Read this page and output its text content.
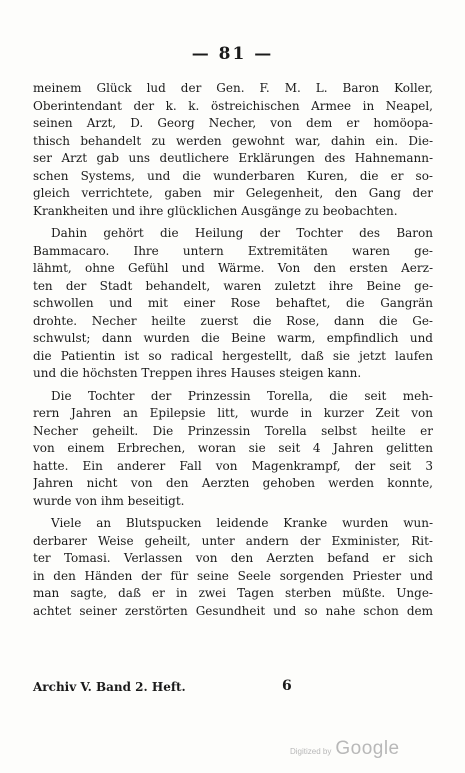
— 81 —
meinem Glück lud der Gen. F. M. L. Baron Koller,
Oberintendant der k. k. östreichischen Armee in Neapel,
seinen Arzt, D. Georg Necher, von dem er homöopa-
thisch behandelt zu werden gewohnt war, dahin ein. Die-
ser Arzt gab uns deutlichere Erklärungen des Hahnemann-
schen Systems, und die wunderbaren Kuren, die er so-
gleich verrichtete, gaben mir Gelegenheit, den Gang der
Krankheiten und ihre glücklichen Ausgänge zu beobachten.
Dahin gehört die Heilung der Tochter des Baron
Bammacaro. Ihre untern Extremitäten waren ge-
lähmt, ohne Gefühl und Wärme. Von den ersten Aerz-
ten der Stadt behandelt, waren zuletzt ihre Beine ge-
schwollen und mit einer Rose behaftet, die Gangrän
drohte. Necher heilte zuerst die Rose, dann die Ge-
schwulst; dann wurden die Beine warm, empfindlich und
die Patientin ist so radical hergestellt, daß sie jetzt laufen
und die höchsten Treppen ihres Hauses steigen kann.
Die Tochter der Prinzessin Torella, die seit meh-
rern Jahren an Epilepsie litt, wurde in kurzer Zeit von
Necher geheilt. Die Prinzessin Torella selbst heilte er
von einem Erbrechen, woran sie seit 4 Jahren gelitten
hatte. Ein anderer Fall von Magenkrampf, der seit 3
Jahren nicht von den Aerzten gehoben werden konnte,
wurde von ihm beseitigt.
Viele an Blutspucken leidende Kranke wurden wun-
derbarer Weise geheilt, unter andern der Exminister, Rit-
ter Tomasi. Verlassen von den Aerzten befand er sich
in den Händen der für seine Seele sorgenden Priester und
man sagte, daß er in zwei Tagen sterben müßte. Unge-
achtet seiner zerstörten Gesundheit und so nahe schon dem
Archiv V. Band 2. Heft.	6
Digitized by Google
